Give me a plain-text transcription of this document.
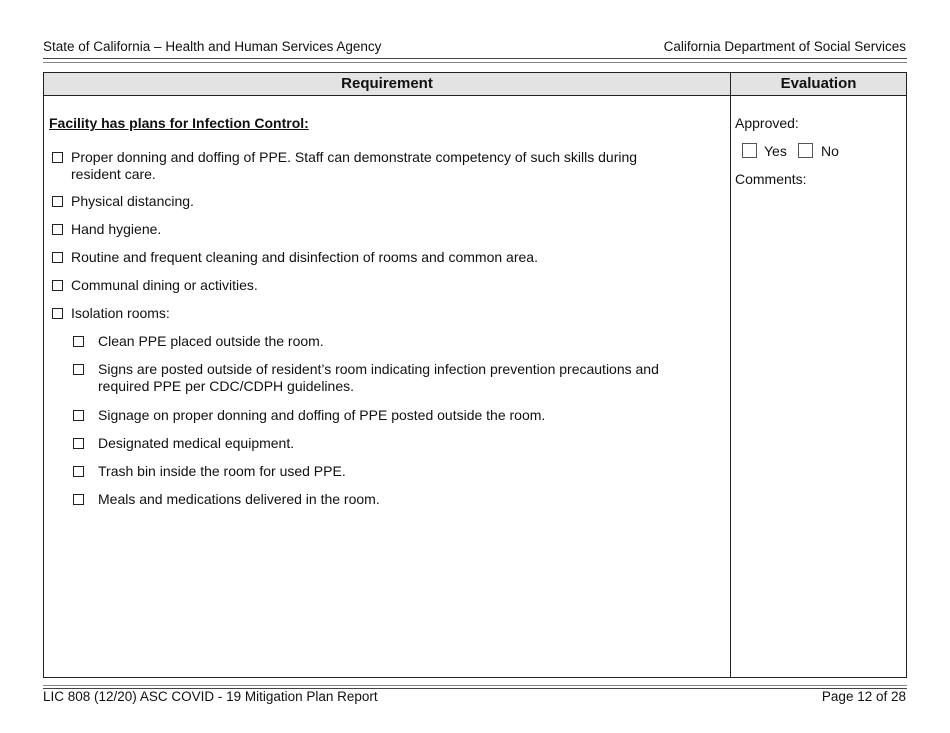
State of California – Health and Human Services Agency	California Department of Social Services
Requirement	Evaluation
Facility has plans for Infection Control:
Proper donning and doffing of PPE. Staff can demonstrate competency of such skills during
resident care.
Physical distancing.
Hand hygiene.
Routine and frequent cleaning and disinfection of rooms and common area.
Communal dining or activities.
Isolation rooms:
Clean PPE placed outside the room.
Signs are posted outside of resident’s room indicating infection prevention precautions and
required PPE per CDC/CDPH guidelines.
Signage on proper donning and doffing of PPE posted outside the room.
Designated medical equipment.
Trash bin inside the room for used PPE.
Meals and medications delivered in the room.
Approved:
Yes No
Comments:
LIC 808 (12/20) ASC COVID - 19 Mitigation Plan Report	Page 12 of 28
